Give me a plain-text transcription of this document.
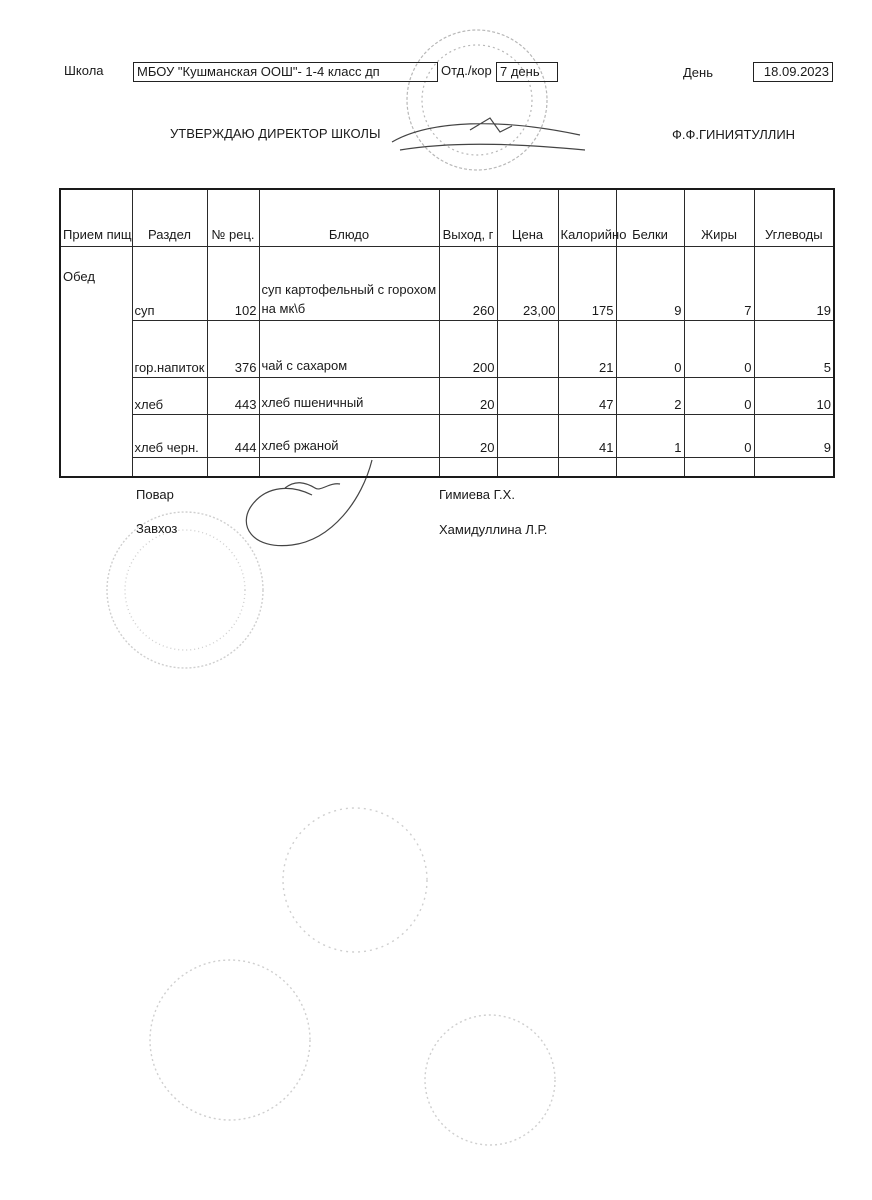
Школа	МБОУ "Кушманская ООШ"- 1-4 класс дп	Отд./кор 7 день	День	18.09.2023
УТВЕРЖДАЮ ДИРЕКТОР ШКОЛЫ	Ф.Ф.ГИНИЯТУЛЛИН
Прием пищ	Раздел	№ рец.	Блюдо	Выход, г	Цена	Калорийно	Белки	Жиры	Углеводы
Обед	суп	102	суп картофельный с горохом на мк\б	260	23,00	175	9	7	19
	гор.напиток	376	чай с сахаром	200		21	0	0	5
	хлеб	443	хлеб пшеничный	20		47	2	0	10
	хлеб черн.	444	хлеб ржаной	20		41	1	0	9

Повар	Гимиева Г.Х.
Завхоз	Хамидуллина Л.Р.
